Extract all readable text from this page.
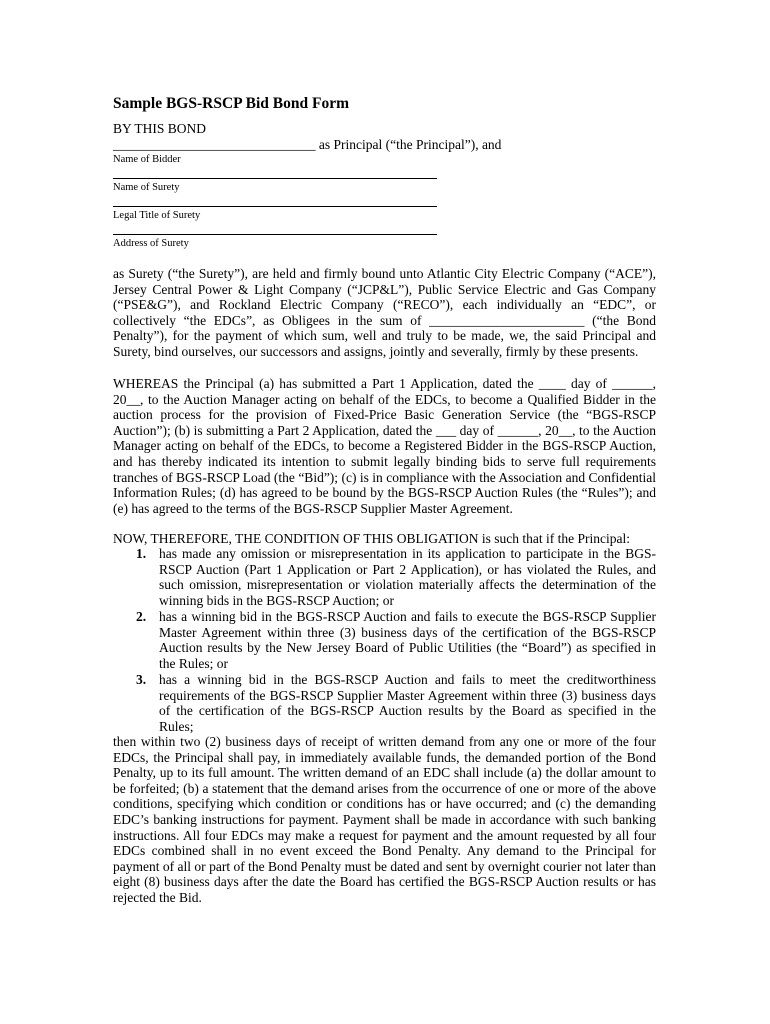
Sample BGS-RSCP Bid Bond Form
BY THIS BOND
______________________________ as Principal (“the Principal”), and
Name of Bidder
Name of Surety
Legal Title of Surety
Address of Surety

as Surety (“the Surety”), are held and firmly bound unto Atlantic City Electric Company (“ACE”), Jersey Central Power & Light Company (“JCP&L”), Public Service Electric and Gas Company (“PSE&G”), and Rockland Electric Company (“RECO”), each individually an “EDC”, or collectively “the EDCs”, as Obligees in the sum of _______________________ (“the Bond Penalty”), for the payment of which sum, well and truly to be made, we, the said Principal and Surety, bind ourselves, our successors and assigns, jointly and severally, firmly by these presents.

WHEREAS the Principal (a) has submitted a Part 1 Application, dated the ____ day of ______, 20__, to the Auction Manager acting on behalf of the EDCs, to become a Qualified Bidder in the auction process for the provision of Fixed-Price Basic Generation Service (the “BGS-RSCP Auction”); (b) is submitting a Part 2 Application, dated the ___ day of ______, 20__, to the Auction Manager acting on behalf of the EDCs, to become a Registered Bidder in the BGS-RSCP Auction, and has thereby indicated its intention to submit legally binding bids to serve full requirements tranches of BGS-RSCP Load (the “Bid”); (c) is in compliance with the Association and Confidential Information Rules; (d) has agreed to be bound by the BGS-RSCP Auction Rules (the “Rules”); and (e) has agreed to the terms of the BGS-RSCP Supplier Master Agreement.

NOW, THEREFORE, THE CONDITION OF THIS OBLIGATION is such that if the Principal:

1. has made any omission or misrepresentation in its application to participate in the BGS-RSCP Auction (Part 1 Application or Part 2 Application), or has violated the Rules, and such omission, misrepresentation or violation materially affects the determination of the winning bids in the BGS-RSCP Auction; or
2. has a winning bid in the BGS-RSCP Auction and fails to execute the BGS-RSCP Supplier Master Agreement within three (3) business days of the certification of the BGS-RSCP Auction results by the New Jersey Board of Public Utilities (the “Board”) as specified in the Rules; or
3. has a winning bid in the BGS-RSCP Auction and fails to meet the creditworthiness requirements of the BGS-RSCP Supplier Master Agreement within three (3) business days of the certification of the BGS-RSCP Auction results by the Board as specified in the Rules;

then within two (2) business days of receipt of written demand from any one or more of the four EDCs, the Principal shall pay, in immediately available funds, the demanded portion of the Bond Penalty, up to its full amount. The written demand of an EDC shall include (a) the dollar amount to be forfeited; (b) a statement that the demand arises from the occurrence of one or more of the above conditions, specifying which condition or conditions has or have occurred; and (c) the demanding EDC’s banking instructions for payment. Payment shall be made in accordance with such banking instructions. All four EDCs may make a request for payment and the amount requested by all four EDCs combined shall in no event exceed the Bond Penalty. Any demand to the Principal for payment of all or part of the Bond Penalty must be dated and sent by overnight courier not later than eight (8) business days after the date the Board has certified the BGS-RSCP Auction results or has rejected the Bid.
